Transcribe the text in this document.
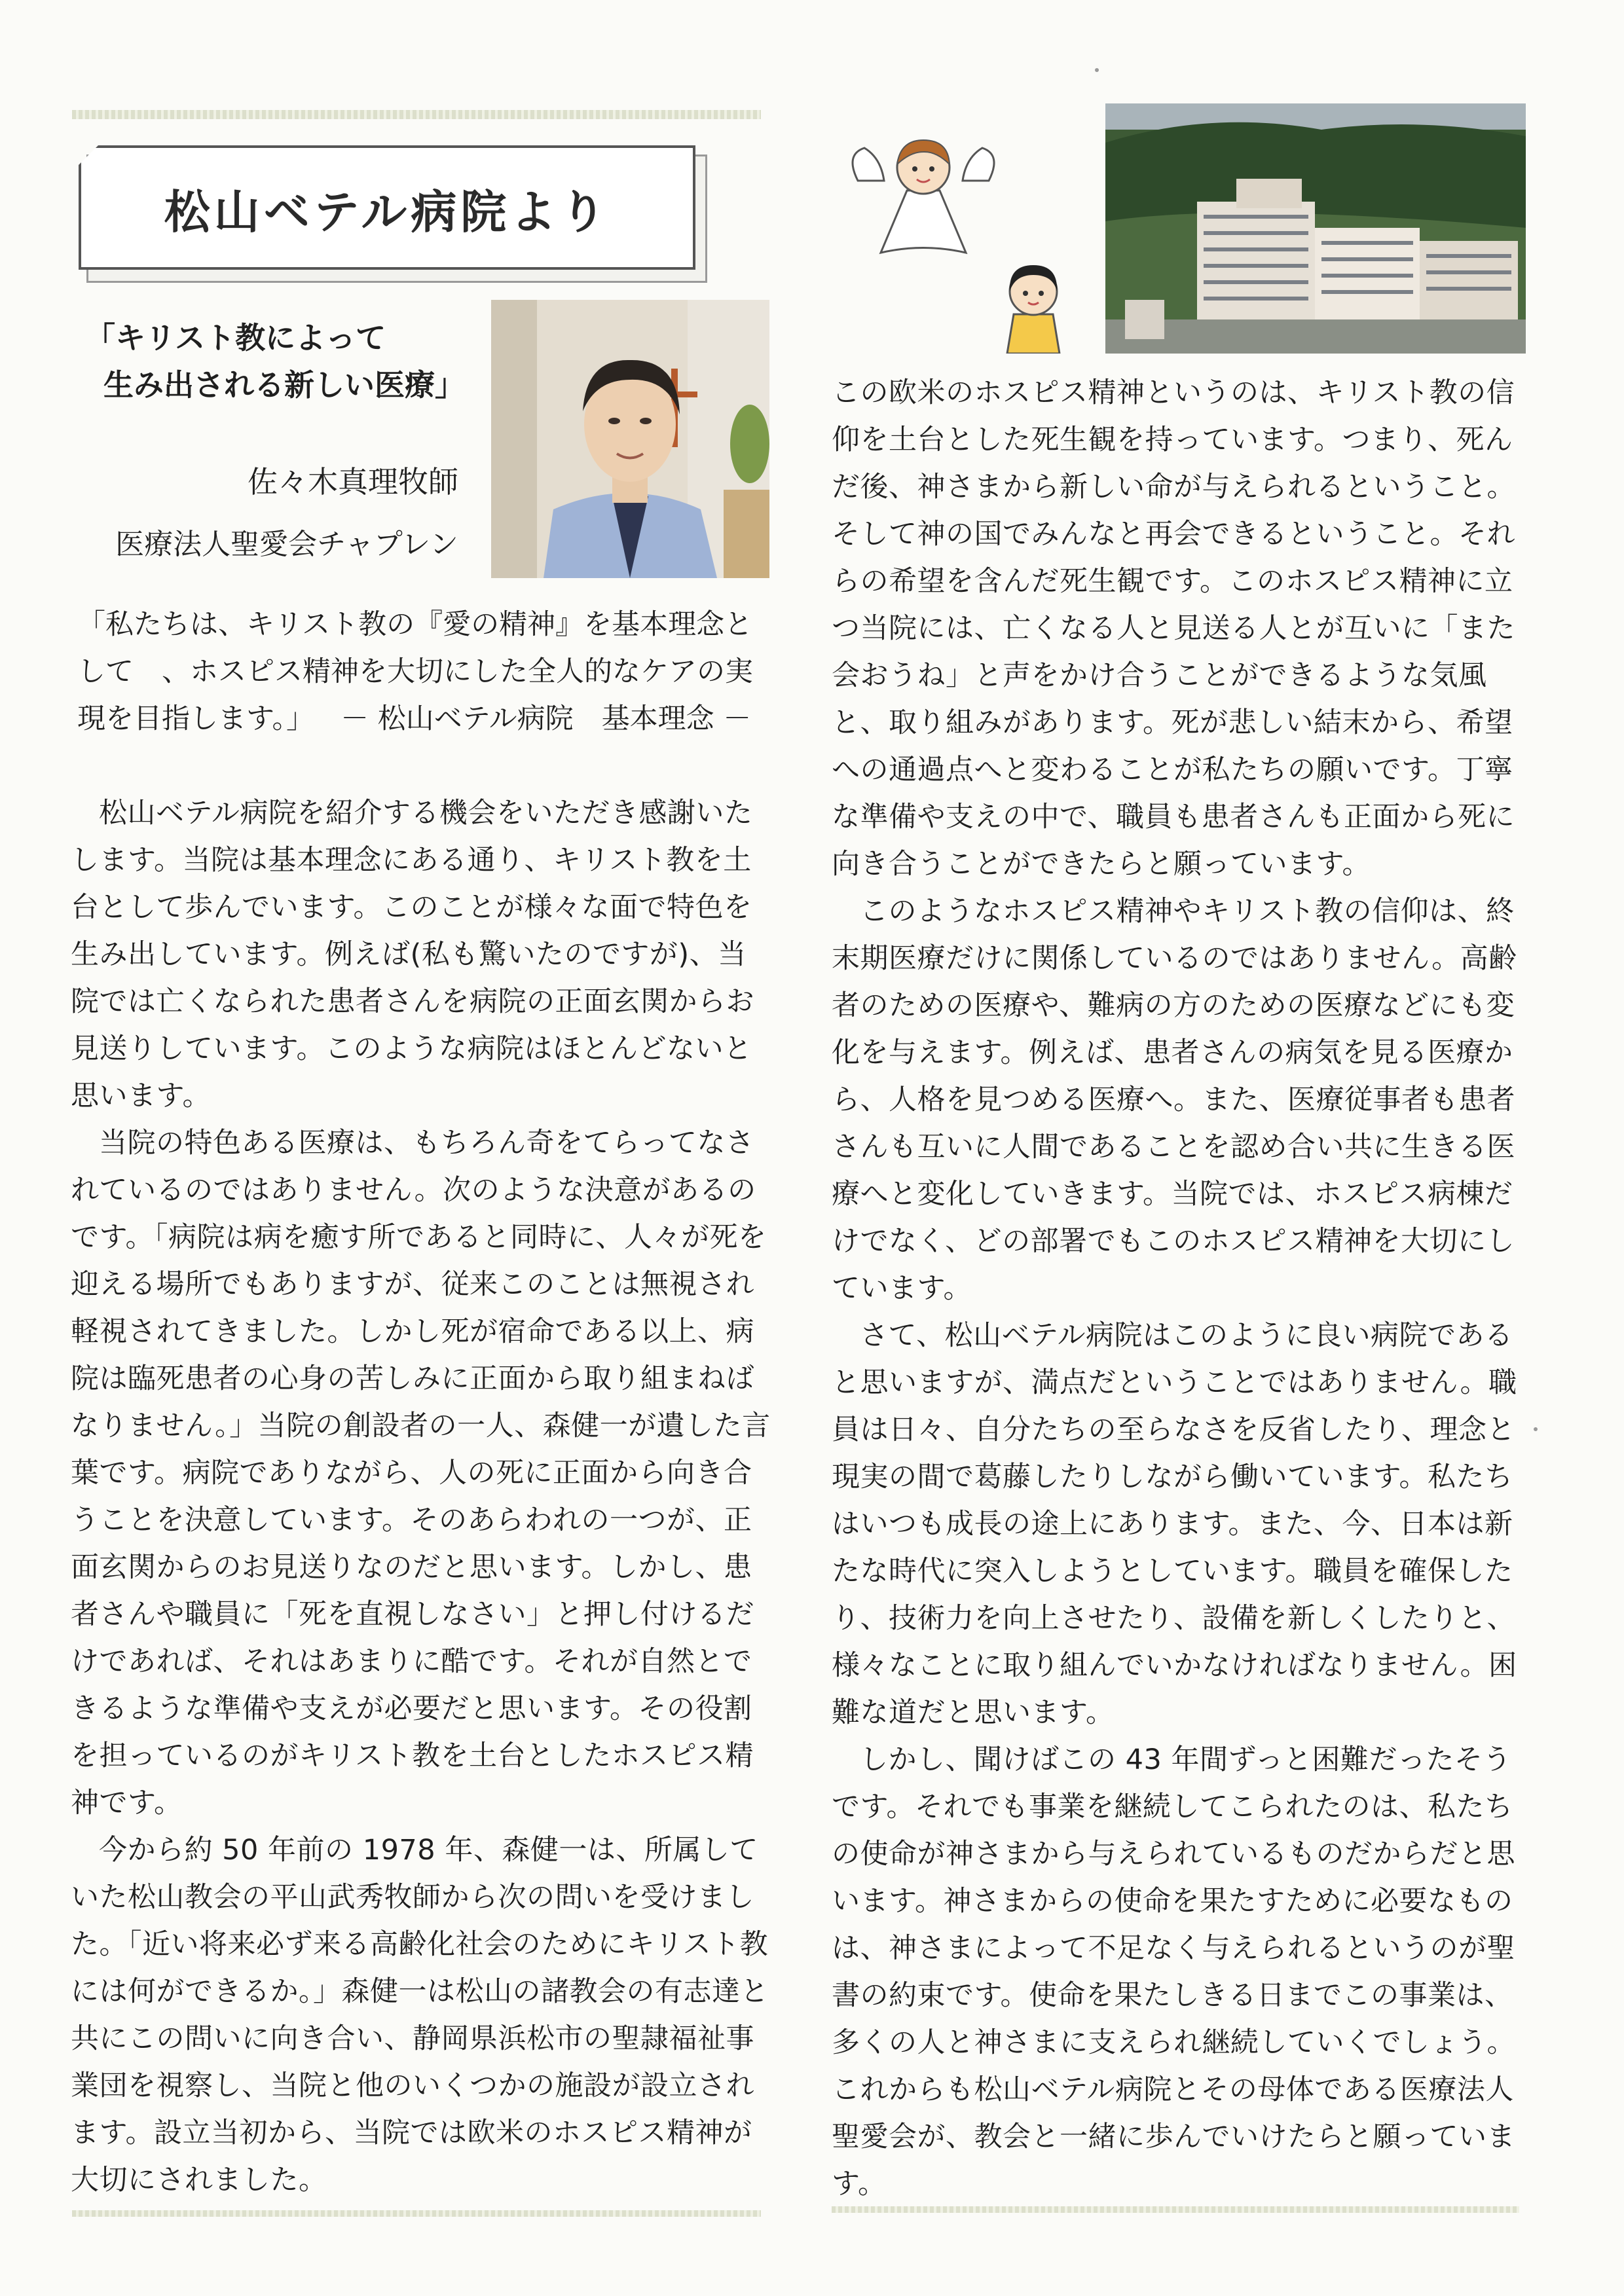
松山ベテル病院より
「キリスト教によって
生み出される新しい医療」
佐々木真理牧師
医療法人聖愛会チャプレン
「私たちは、キリスト教の『愛の精神』を基本理念と
して　、ホスピス精神を大切にした全人的なケアの実
現を目指します。」 － 松山ベテル病院　基本理念 －

松山ベテル病院を紹介する機会をいただき感謝いたします。当院は基本理念にある通り、キリスト教を土台として歩んでいます。このことが様々な面で特色を生み出しています。例えば(私も驚いたのですが)、当院では亡くなられた患者さんを病院の正面玄関からお見送りしています。このような病院はほとんどないと思います。

当院の特色ある医療は、もちろん奇をてらってなされているのではありません。次のような決意があるのです。「病院は病を癒す所であると同時に、人々が死を迎える場所でもありますが、従来このことは無視され軽視されてきました。しかし死が宿命である以上、病院は臨死患者の心身の苦しみに正面から取り組まねばなりません。」当院の創設者の一人、森健一が遺した言葉です。病院でありながら、人の死に正面から向き合うことを決意しています。そのあらわれの一つが、正面玄関からのお見送りなのだと思います。しかし、患者さんや職員に「死を直視しなさい」と押し付けるだけであれば、それはあまりに酷です。それが自然とできるような準備や支えが必要だと思います。その役割を担っているのがキリスト教を土台としたホスピス精神です。

今から約 50 年前の 1978 年、森健一は、所属していた松山教会の平山武秀牧師から次の問いを受けました。「近い将来必ず来る高齢化社会のためにキリスト教には何ができるか。」森健一は松山の諸教会の有志達と共にこの問いに向き合い、静岡県浜松市の聖隷福祉事業団を視察し、当院と他のいくつかの施設が設立されます。設立当初から、当院では欧米のホスピス精神が大切にされました。

この欧米のホスピス精神というのは、キリスト教の信仰を土台とした死生観を持っています。つまり、死んだ後、神さまから新しい命が与えられるということ。そして神の国でみんなと再会できるということ。それらの希望を含んだ死生観です。このホスピス精神に立つ当院には、亡くなる人と見送る人とが互いに「また会おうね」と声をかけ合うことができるような気風と、取り組みがあります。死が悲しい結末から、希望への通過点へと変わることが私たちの願いです。丁寧な準備や支えの中で、職員も患者さんも正面から死に向き合うことができたらと願っています。

このようなホスピス精神やキリスト教の信仰は、終末期医療だけに関係しているのではありません。高齢者のための医療や、難病の方のための医療などにも変化を与えます。例えば、患者さんの病気を見る医療から、人格を見つめる医療へ。また、医療従事者も患者さんも互いに人間であることを認め合い共に生きる医療へと変化していきます。当院では、ホスピス病棟だけでなく、どの部署でもこのホスピス精神を大切にしています。

さて、松山ベテル病院はこのように良い病院であると思いますが、満点だということではありません。職員は日々、自分たちの至らなさを反省したり、理念と現実の間で葛藤したりしながら働いています。私たちはいつも成長の途上にあります。また、今、日本は新たな時代に突入しようとしています。職員を確保したり、技術力を向上させたり、設備を新しくしたりと、様々なことに取り組んでいかなければなりません。困難な道だと思います。

しかし、聞けばこの 43 年間ずっと困難だったそうです。それでも事業を継続してこられたのは、私たちの使命が神さまから与えられているものだからだと思います。神さまからの使命を果たすために必要なものは、神さまによって不足なく与えられるというのが聖書の約束です。使命を果たしきる日までこの事業は、多くの人と神さまに支えられ継続していくでしょう。これからも松山ベテル病院とその母体である医療法人聖愛会が、教会と一緒に歩んでいけたらと願っています。
